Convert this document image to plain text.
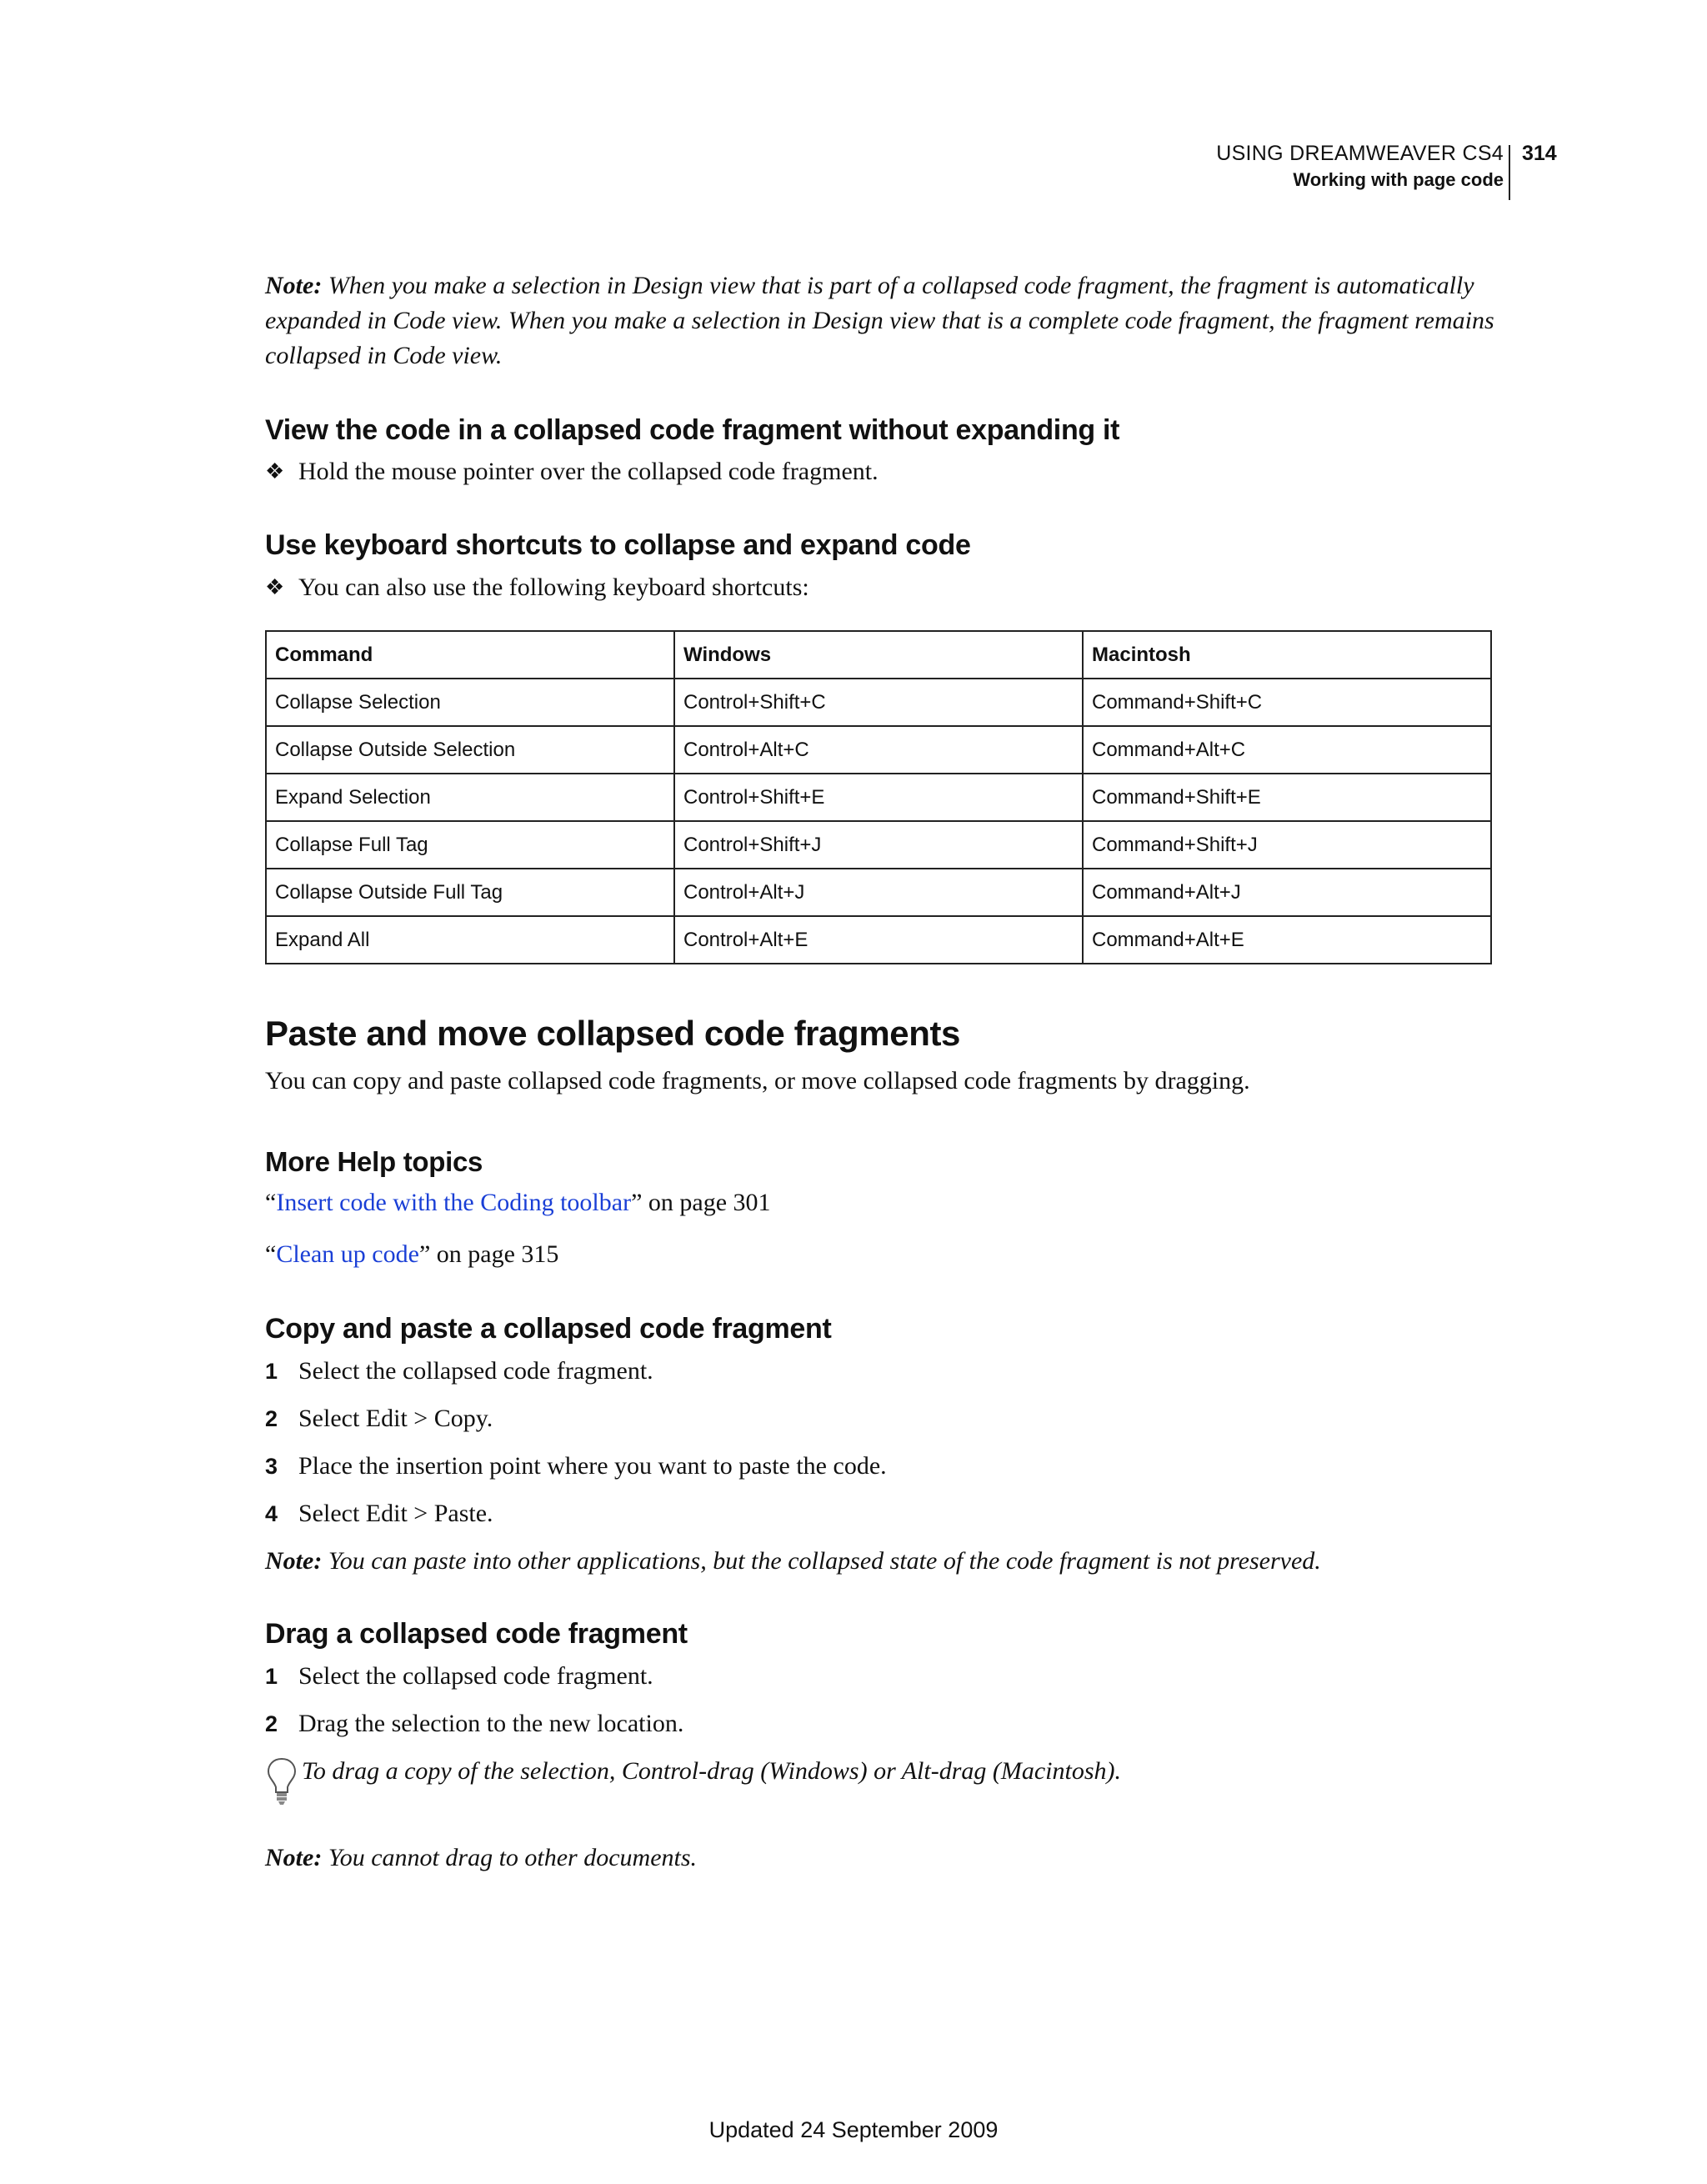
USING DREAMWEAVER CS4
Working with page code
314
Note: When you make a selection in Design view that is part of a collapsed code fragment, the fragment is automatically expanded in Code view. When you make a selection in Design view that is a complete code fragment, the fragment remains collapsed in Code view.
View the code in a collapsed code fragment without expanding it
❖ Hold the mouse pointer over the collapsed code fragment.
Use keyboard shortcuts to collapse and expand code
❖ You can also use the following keyboard shortcuts:
Command	Windows	Macintosh
Collapse Selection	Control+Shift+C	Command+Shift+C
Collapse Outside Selection	Control+Alt+C	Command+Alt+C
Expand Selection	Control+Shift+E	Command+Shift+E
Collapse Full Tag	Control+Shift+J	Command+Shift+J
Collapse Outside Full Tag	Control+Alt+J	Command+Alt+J
Expand All	Control+Alt+E	Command+Alt+E
Paste and move collapsed code fragments
You can copy and paste collapsed code fragments, or move collapsed code fragments by dragging.
More Help topics
“Insert code with the Coding toolbar” on page 301
“Clean up code” on page 315
Copy and paste a collapsed code fragment
1 Select the collapsed code fragment.
2 Select Edit > Copy.
3 Place the insertion point where you want to paste the code.
4 Select Edit > Paste.
Note: You can paste into other applications, but the collapsed state of the code fragment is not preserved.
Drag a collapsed code fragment
1 Select the collapsed code fragment.
2 Drag the selection to the new location.
To drag a copy of the selection, Control-drag (Windows) or Alt-drag (Macintosh).
Note: You cannot drag to other documents.
Updated 24 September 2009
